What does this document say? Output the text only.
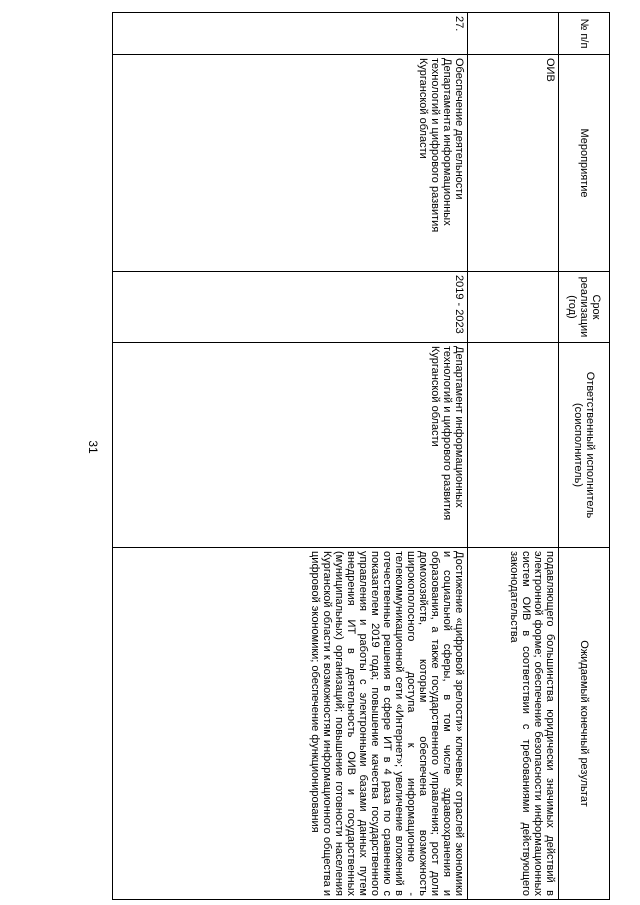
31
№ п/п	Мероприятие	Срок реализации (год)	Ответственный исполнитель (соисполнитель)	Ожидаемый конечный результат
	ОИВ			подавляющего большинства юридически значимых действий в электронной форме; обеспечение безопасности информационных систем ОИВ в соответствии с требованиями действующего законодательства
27.	Обеспечение деятельности Департамента информационных технологий и цифрового развития Курганской области	2019 - 2023	Департамент информационных технологий и цифрового развития Курганской области	Достижение «цифровой зрелости» ключевых отраслей экономики и социальной сферы, в том числе здравоохранения и образования, а также государственного управления; рост доли домохозяйств, которым обеспечена возможность широкополосного доступа к информационно - телекоммуникационной сети «Интернет»; увеличение вложений в отечественные решения в сфере ИТ в 4 раза по сравнению с показателем 2019 года; повышение качества государственного управления и работы с электронными базами данных путем внедрения ИТ в деятельность ОИВ и государственных (муниципальных) организаций; повышение готовности населения Курганской области к возможностям информационного общества и цифровой экономики; обеспечение функционирования
